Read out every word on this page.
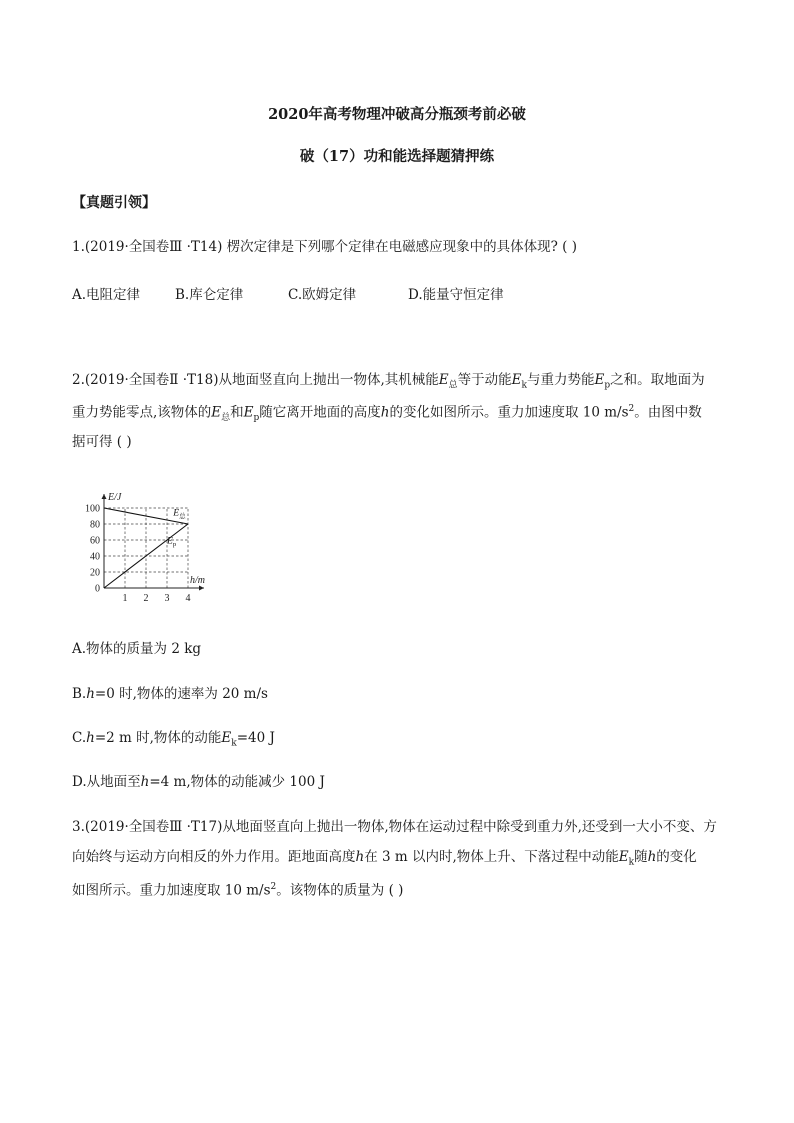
2020年高考物理冲破高分瓶颈考前必破
破（17）功和能选择题猜押练
【真题引领】
1.(2019·全国卷Ⅲ ·T14) 楞次定律是下列哪个定律在电磁感应现象中的具体体现? ( )
A.电阻定律	B.库仑定律	C.欧姆定律	D.能量守恒定律
2.(2019·全国卷Ⅱ ·T18)从地面竖直向上抛出一物体,其机械能$E_总$等于动能$E_k$与重力势能$E_p$之和。取地面为
重力势能零点,该物体的$E_总$和$E_p$随它离开地面的高度h的变化如图所示。重力加速度取 10 $m/s^2$。由图中数
据可得 ( )
1 2 3 4
20
40
60
80
100
0
E/J
h/m
$E_总$
$E_p$
A.物体的质量为 2 kg
B.h=0 时,物体的速率为 20 m/s
C.h=2 m 时,物体的动能$E_k=40$ J
D.从地面至h=4 m,物体的动能减少 100 J
3.(2019·全国卷Ⅲ ·T17)从地面竖直向上抛出一物体,物体在运动过程中除受到重力外,还受到一大小不变、方
向始终与运动方向相反的外力作用。距地面高度h在 3 m 以内时,物体上升、下落过程中动能$E_k$随h的变化
如图所示。重力加速度取 10 $m/s^2$。该物体的质量为 ( )
